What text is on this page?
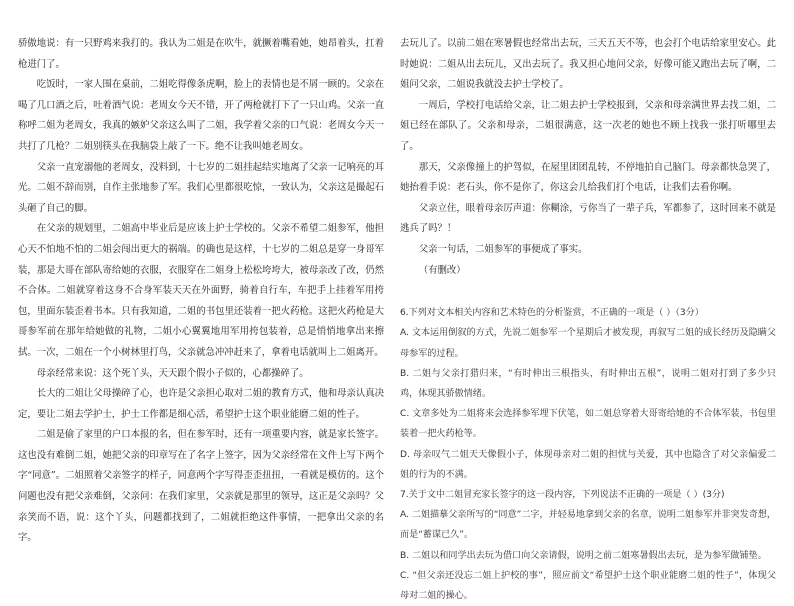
骄傲地说：有一只野鸡来我打的。我认为二姐是在吹牛，就撅着嘴看她，她昂着头，扛着枪进门了。

吃饭时，一家人围在桌前，二姐吃得像条虎啊，脸上的表情也是不屑一顾的。父亲在喝了几口酒之后，吐着酒气说：老周女今天不错，开了两枪就打下了一只山鸡。父亲一直称呼二姐为老周女，我真的嫉妒父亲这么叫了二姐，我学着父亲的口气说：老周女今天一共打了几枪？二姐别筷头在我脑袋上敲了一下。绝不让我叫她老周女。

父亲一直宠溺他的老周女，没料到，十七岁的二姐挂起结实地离了父亲一记响亮的耳光。二姐不辞而别，自作主张地参了军。我们心里都很吃惊，一致认为，父亲这是撮起石头砸了自己的脚。

在父亲的规划里，二姐高中毕业后是应该上护士学校的。父亲不希望二姐参军，他担心天不怕地不怕的二姐会闯出更大的祸端。的确也是这样，十七岁的二姐总是穿一身哥军装，那是大哥在部队寄给她的衣服，衣服穿在二姐身上松松垮垮大，被母亲改了改，仍然不合体。二姐就穿着这身不合身军装天天在外面野，骑着自行车，车把手上挂着军用挎包，里面东装歪着书本。只有我知道，二姐的书包里还装着一把火药枪。这把火药枪是大哥参军前在那年给她做的礼物，二姐小心翼翼地用军用挎包装着，总是悄悄地拿出来擦拭。一次，二姐在一个小树林里打鸟，父亲就急冲冲赶来了，拿着电话就叫上二姐离开。

母亲经常来说：这个死丫头，天天跟个假小子似的，心都操碎了。

长大的二姐让父母操碎了心，也许是父亲担心取对二姐的教育方式，他和母亲认真决定，要让二姐去学护士，护士工作都是细心活，希望护士这个职业能磨二姐的性子。

二姐是偷了家里的户口本报的名，但在参军时，还有一项重要内容，就是家长签字。这也没有难倒二姐，她把父亲的印章写在了名字上签字，因为父亲经常在文件上写下两个字“同意”。二姐照着父亲签字的样子，同意两个字写得歪歪扭扭，一看就是模仿的。这个问题也没有把父亲难倒，父亲问：在我们家里，父亲就是那里的领导，这正是父亲吗？父亲笑而不语，说：这个丫头，问题都找到了，二姐就拒绝这件事情，一把拿出父亲的名字。

去玩儿了。以前二姐在寒暑假也经常出去玩，三天五天不等，也会打个电话给家里安心。此时她说：二姐从出去玩儿，又出去玩了。我又担心地问父亲，好像可能又跑出去玩了啊，二姐问父亲，二姐说我就没去护士学校了。

一周后，学校打电话给父亲，让二姐去护士学校报到，父亲和母亲满世界去找二姐，二姐已经在部队了。父亲和母亲，二姐很满意，这一次老的她也不顾上找我一张打听哪里去了。

那天，父亲像撞上的护驾似，在屋里团团乱转，不停地拍自己脑门。母亲都快急哭了，她抬着手说：老石头，你不是你了，你这会儿给我们打个电话，让我们去看你啊。

父亲立住，眼着母亲厉声道：你糊涂，亏你当了一辈子兵，军都参了，这时回来不就是逃兵了吗？！

父亲一句话，二姐参军的事便成了事实。

（有删改）

6.下列对文本相关内容和艺术特色的分析鉴赏，不正确的一项是（ ）（3分）

A. 文本运用倒叙的方式，先说二姐参军一个星期后才被发现，再叙写二姐的成长经历及隐瞒父母参军的过程。

B. 二姐与父亲打猎归来，“有时伸出三根指头，有时伸出五根”，说明二姐对打到了多少只鸡，体现其骄傲情绪。

C. 文章多处为二姐将来会选择参军埋下伏笔，如二姐总穿着大哥寄给她的不合体军装，书包里装着一把火药枪等。

D. 母亲叹气二姐天天像假小子，体现母亲对二姐的担忧与关爱，其中也隐含了对父亲偏爱二姐的行为的不满。

7.关于文中二姐冒充家长签字的这一段内容，下列说法不正确的一项是（ ）(3分)

A. 二姐描摹父亲所写的“同意”二字，并轻易地拿到父亲的名章，说明二姐参军并非突发奇想，而是“蓄谋已久”。

B. 二姐以和同学出去玩为借口向父亲请假，说明之前二姐寒暑假出去玩，是为参军做铺垫。

C. “但父亲还没忘二姐上护校的事”，照应前文“希望护士这个职业能磨二姐的性子”，体现父母对二姐的操心。
